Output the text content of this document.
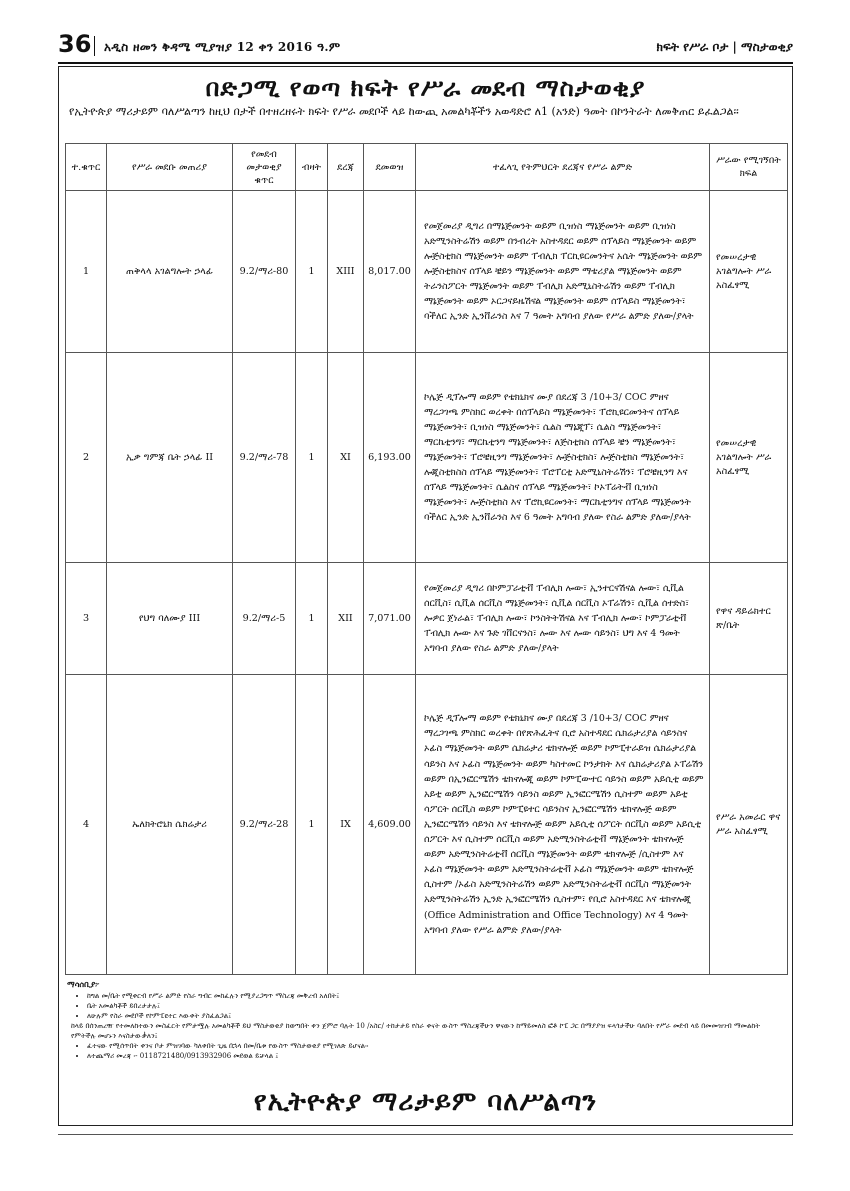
36 አዲስ ዘመን ቅዳሜ ሚያዝያ 12 ቀን 2016 ዓ.ም	ክፍት የሥራ ቦታ | ማስታወቂያ
በድጋሚ የወጣ ክፍት የሥራ መደብ ማስታወቂያ
የኢትዮጵያ ማሪታይም ባለሥልጣን ከዚህ በታች በተዘረዘሩት ክፍት የሥራ መደቦች ላይ ከውጪ አመልካቾችን አወዳድሮ ለ1 (አንድ) ዓመት በኮንትራት ለመቅጠር ይፈልጋል፡፡
ተ.ቁጥር	የሥራ መደቡ መጠሪያ	የመደብ መታወቂያ ቁጥር	ብዛት	ደረጃ	ደመወዝ	ተፈላጊ የትምህርት ደረጃና የሥራ ልምድ	ሥራው የሚገኝበት ክፍል
1	ጠቅላላ አገልግሎት ኃላፊ	9.2/ማሪ-80	1	XIII	8,017.00	የመጀመሪያ ዲግሪ በማኔጅመንት ወይም ቢዝነስ ማኔጅመንት ወይም ቢዝነስ አድሚንስትሬሽን ወይም በንብረት አስተዳደር ወይም ሰፕላይስ ማኔጅመንት ወይም ሎጅስቲክስ ማኔጅመንት ወይም ፐብሊክ ፐርኪዩርመንትና አሴት ማኔጅመንት ወይም ሎጅስቲክስና ሰፕላይ ቼይን ማኔጅመንት ወይም ማቴሪያል ማኔጅመንት ወይም ትራንስፖርት ማኔጅመንት ወይም ፐብሊክ አድሚኒስትሬሽን ወይም ፐብሊክ ማኔጅመንት ወይም ኦርጋናይዜሽናል ማኔጅመንት ወይም ሰፕላይስ ማኔጅመንት፣ ባችለር ኢንድ ኢንቨራንስ እና 7 ዓመት አግባብ ያለው የሥራ ልምድ ያለው/ያላት	የመሠረታዊ አገልግሎት ሥራ አስፈፃሚ
2	ኢቃ ግምጃ ቤት ኃላፊ II	9.2/ማሪ-78	1	XI	6,193.00	ኮሌጅ ዲፕሎማ ወይም የቴክኒክና ሙያ በደረጃ 3 /10+3/ COC ምዘና ማረጋገጫ ምስክር ወረቀት በሰፕላይስ ማኔጅመንት፣ ፐሮኪዩርመንትና ሰፕላይ ማኔጅመንት፣ ቢዝነስ ማኔጅመንት፣ ሴልስ ማኔጂፕ፣ ሴልስ ማኔጅመንት፣ ማርኬቲንግ፣ ማርኬቲንግ ማኔጅመንት፣ ለጅስቲክስ ሰፕላይ ቼን ማኔጅመንት፣ ማኔጅመንት፣ ፐሮቼዚንግ ማኔጅመንት፣ ሎጅስቲክስ፣ ሎጅስቲክስ ማኔጅመንት፣ ሎጂስቲክስስ ሰፕላይ ማኔጅመንት፣ ፐሮፐርቲ አድሚኒስትሬሽን፣ ፐሮቼዚንግ እና ሰፕላይ ማኔጅመንት፣ ሴልስና ሰፕላይ ማኔጅመንት፣ ኮኦፐሬትቭ ቢዝነስ ማኔጅመንት፣ ሎጅስቲክስ እና ፐሮኪዩርመንት፣ ማርኬቲንግና ሰፕላይ ማኔጅመንት ባችለር ኢንድ ኢንቨራንስ እና 6 ዓመት አግባብ ያለው የስራ ልምድ ያለው/ያላት	የመሠረታዊ አገልግሎት ሥራ አስፈፃሚ
3	የህግ ባለሙያ III	9.2/ማሪ-5	1	XII	7,071.00	የመጀመሪያ ዲግሪ በኮምፓራቲቭ ፐብሊክ ሎው፣ ኢንተርናሽናል ሎው፣ ሲቪል ሰርቪስ፣ ሲቪል ሰርቪስ ማኔጅመንት፣ ሲቪል ሰርቪስ ኦፐሬሽን፣ ሲቪል ሰተድስ፣ ሎዎር ጀነራል፣ ፐብሊክ ሎው፣ ኮንስትትሽናል እና ፐብሊክ ሎው፣ ኮምፓራቲቭ ፐብሊክ ሎው እና ጉድ ገቨርናንስ፣ ሎው እና ሎው ሳይንስ፣ ህግ እና 4 ዓመት አግባብ ያለው የስራ ልምድ ያለው/ያላት	የዋና ዳይሬክተር ጽ/ቤት
4	ኤለክትሮኒክ ሴክሬታሪ	9.2/ማሪ-28	1	IX	4,609.00	ኮሌጅ ዲፕሎማ ወይም የቴክኒክና ሙያ በደረጃ 3 /10+3/ COC ምዘና ማረጋገጫ ምስክር ወረቀት በየጽሕፈትና ቢሮ አስተዳደር ሴክሬታሪያል ሳይንስና ኦፊስ ማኔጅመንት ወይም ሴክሬታሪ ቴክኖሎጅ ወይም ኮምፒተራይዝ ሴክሬታሪያል ሳይንስ እና ኦፊስ ማኔጅመንት ወይም ካስተመር ኮንታክት እና ሴክሬታሪያል ኦፐሬሽን ወይም በኢንፎርሜሽን ቴክኖሎጂ ወይም ኮምፒውተር ሳይንስ ወይም አይሲቲ ወይም አይቲ ወይም ኢንፎርሜሽን ሳይንስ ወይም ኢንፎርሜሽን ሲስተም ወይም አይቲ ሳፖርት ሰርቪስ ወይም ኮምፒዩተር ሳይንስና ኢንፎርሜሽን ቴክኖሎጅ ወይም ኢንፎርሜሽን ሳይንስ እና ቴክኖሎጅ ወይም አይሲቲ ሰፖርት ሰርቪስ ወይም አይሲቲ ሰፖርት እና ሲስተም ሰርቪስ ወይም አድሚንስትሬቲቭ ማኔጅመንት ቴክኖሎጅ ወይም አድሚንስትሬቲቭ ሰርቪስ ማኔጅመንት ወይም ቴክኖሎጅ /ሲስተም እና ኦፊስ ማኔጅመንት ወይም አድሚንስትሬቲቭ ኦፊስ ማኔጅመንት ወይም ቴክኖሎጅ ሲስተም /ኦፊስ አድሚንስትሬሽን ወይም አድሚንስትሬቲቭ ሰርቪስ ማኔጅመንት አድሚንስትሬሽን ኢንድ ኢንፎርሜሽን ሲስተም፣ የቢሮ አስተዳደር እና ቴክኖሎጂ (Office Administration and Office Technology) እና 4 ዓመት አግባብ ያለው የሥራ ልምድ ያለው/ያላት	የሥራ አመራር ዋና ሥራ አስፈፃሚ
ማሳሰቢያ፦
• ከግል መ/ቤት የሚቀርብ የሥራ ልምድ የስራ ግብር መከፈሉን የሚያረጋግጥ ማስረጃ መቅረብ አለበት፤
• ቤት አመልካቾች ይበረታታሉ፤
• ለሁሉም የስራ መደቦች የኮምፒዩተር እውቀት ያስፈልጋል፤
ከላይ በሰንጠረዥ የተመለከተውን መስፈርት የምታሟሉ አመልካቾች ይህ ማስታወቂያ ከወጣበት ቀን ጀምሮ ባሉት 10 /አስር/ ተከታታይ የስራ ቀናት ውስጥ ማስረጃችሁን ዋናውን ከማይመለስ ፎቶ ኮፒ ጋር በማያያዝ ፍላጎታችሁ ባለበት የሥራ መደብ ላይ በመመዝገብ ማመልከት የምትችሉ መሆኑን እናስታውቃለን፤
• ፈተናው የሚሰጥበት ቀንና ቦታ ምዝገባው ካለቀበት ጊዜ በኋላ በመ/ቤቱ የውስጥ ማስታወቂያ የሚገለጽ ይሆናል፡፡
• ለተጨማሪ መረጃ ፡- 0118721480/0913932906 መደወል ይቻላል ፤
የኢትዮጵያ ማሪታይም ባለሥልጣን
